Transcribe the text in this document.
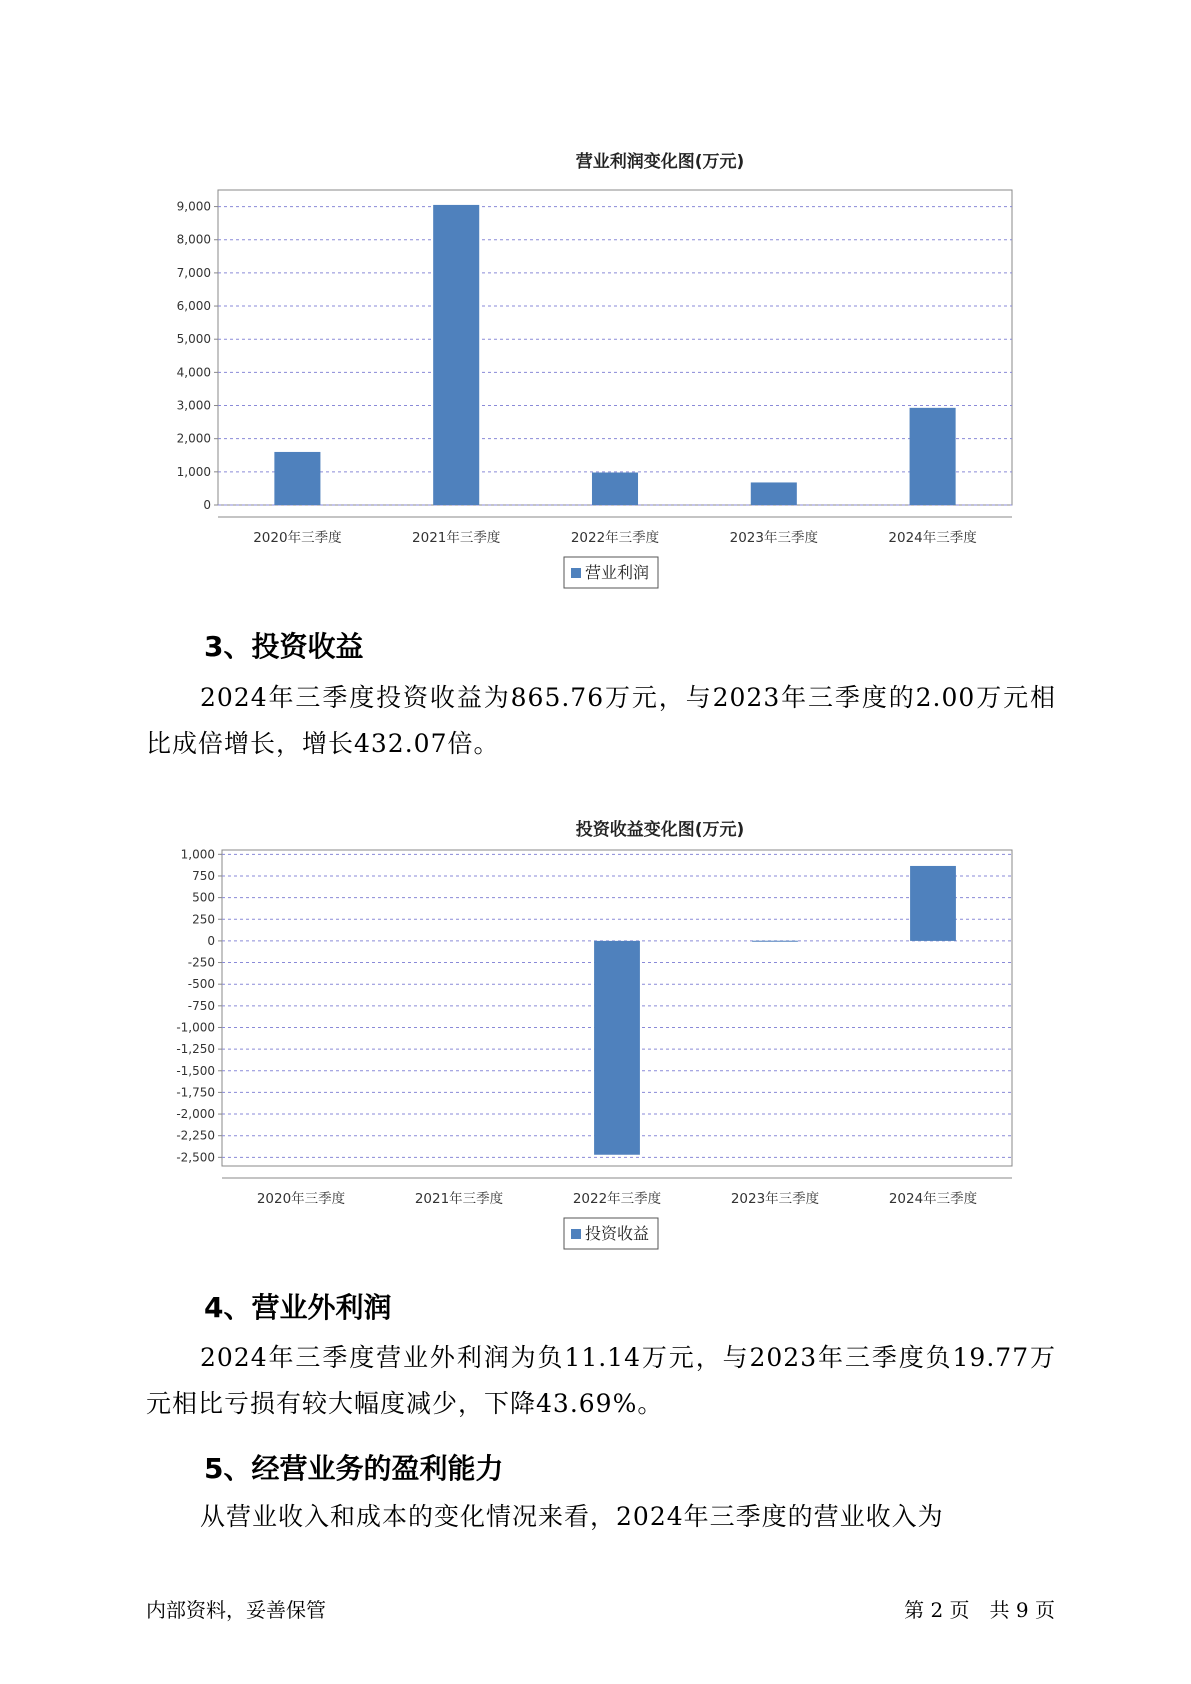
营业利润变化图(万元)
0
1,000
2,000
3,000
4,000
5,000
6,000
7,000
8,000
9,000
2020年三季度	2021年三季度	2022年三季度	2023年三季度	2024年三季度
营业利润
3、投资收益

2024年三季度投资收益为865.76万元，与2023年三季度的2.00万元相比成倍增长，增长432.07倍。

投资收益变化图(万元)
1,000
750
500
250
0
-250
-500
-750
-1,000
-1,250
-1,500
-1,750
-2,000
-2,250
-2,500
2020年三季度	2021年三季度	2022年三季度	2023年三季度	2024年三季度
投资收益
4、营业外利润

2024年三季度营业外利润为负11.14万元，与2023年三季度负19.77万元相比亏损有较大幅度减少，下降43.69%。

5、经营业务的盈利能力

从营业收入和成本的变化情况来看，2024年三季度的营业收入为

内部资料，妥善保管	第 2 页　共 9 页
